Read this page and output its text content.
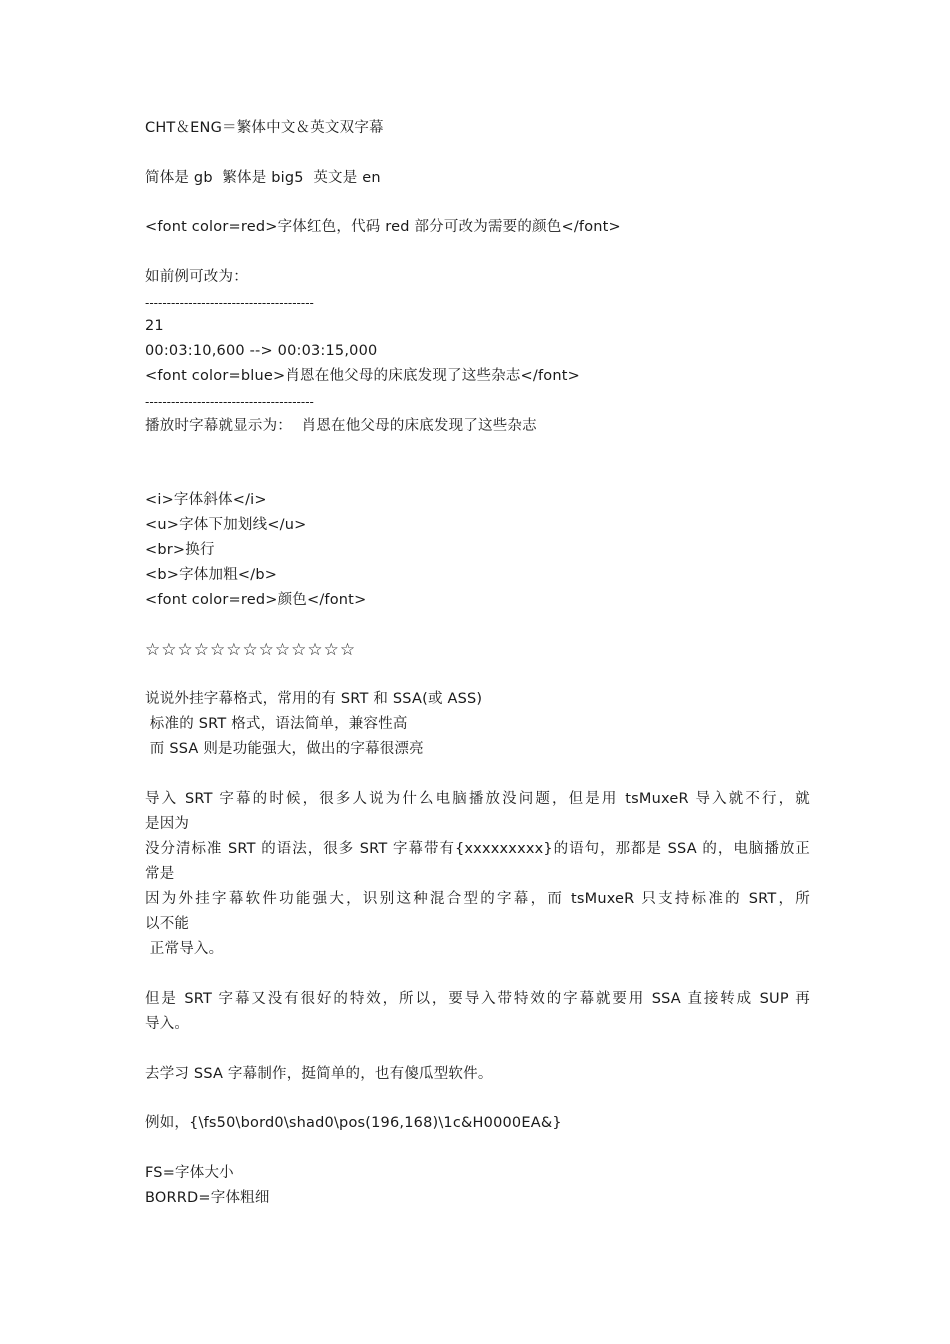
CHT＆ENG＝繁体中文＆英文双字幕
简体是 gb  繁体是 big5  英文是 en
<font color=red>字体红色，代码 red 部分可改为需要的颜色</font>
如前例可改为：
---------------------------------------
21
00:03:10,600 --> 00:03:15,000
<font color=blue>肖恩在他父母的床底发现了这些杂志</font>
---------------------------------------
播放时字幕就显示为：  肖恩在他父母的床底发现了这些杂志
<i>字体斜体</i>
<u>字体下加划线</u>
<br>换行
<b>字体加粗</b>
<font color=red>颜色</font>
☆☆☆☆☆☆☆☆☆☆☆☆☆
说说外挂字幕格式，常用的有 SRT 和 SSA(或 ASS)
标准的 SRT 格式，语法简单，兼容性高
而 SSA 则是功能强大，做出的字幕很漂亮
导入 SRT 字幕的时候，很多人说为什么电脑播放没问题，但是用 tsMuxeR 导入就不行，就
是因为
没分清标准 SRT 的语法，很多 SRT 字幕带有{xxxxxxxxx}的语句，那都是 SSA 的，电脑播放正
常是
因为外挂字幕软件功能强大，识别这种混合型的字幕，而 tsMuxeR 只支持标准的 SRT，所
以不能
正常导入。
但是 SRT 字幕又没有很好的特效，所以，要导入带特效的字幕就要用 SSA 直接转成 SUP 再
导入。
去学习 SSA 字幕制作，挺简单的，也有傻瓜型软件。
例如，{\fs50\bord0\shad0\pos(196,168)\1c&H0000EA&}
FS=字体大小
BORRD=字体粗细
